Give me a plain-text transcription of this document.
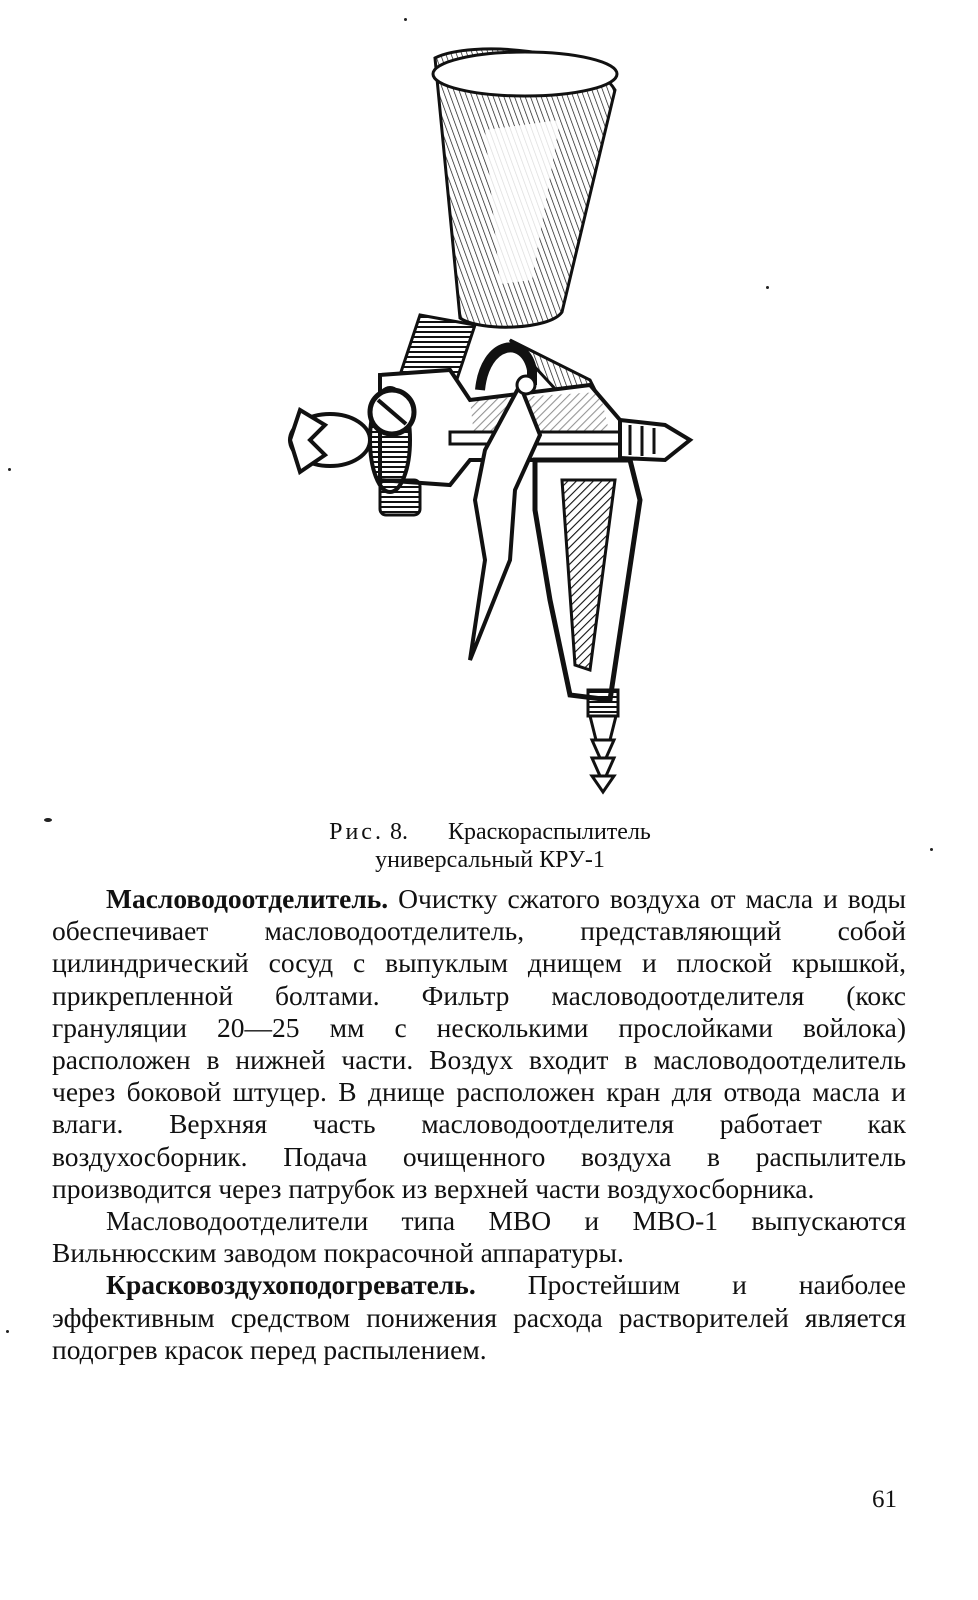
Рис. 8. Краскораспылитель
универсальный КРУ-1

Масловодоотделитель. Очистку сжатого воздуха от масла и воды обеспечивает масловодоотделитель, представляющий собой цилиндрический сосуд с выпуклым днищем и плоской крышкой, прикрепленной болтами. Фильтр масловодоотделителя (кокс грануляции 20—25 мм с несколькими прослойками войлока) расположен в нижней части. Воздух входит в масловодоотделитель через боковой штуцер. В днище расположен кран для отвода масла и влаги. Верхняя часть масловодоотделителя работает как воздухосборник. Подача очищенного воздуха в распылитель производится через патрубок из верхней части воздухосборника.

Масловодоотделители типа МВО и МВО-1 выпускаются Вильнюсским заводом покрасочной аппаратуры.

Красковоздухоподогреватель. Простейшим и наиболее эффективным средством понижения расхода растворителей является подогрев красок перед распылением.

61
